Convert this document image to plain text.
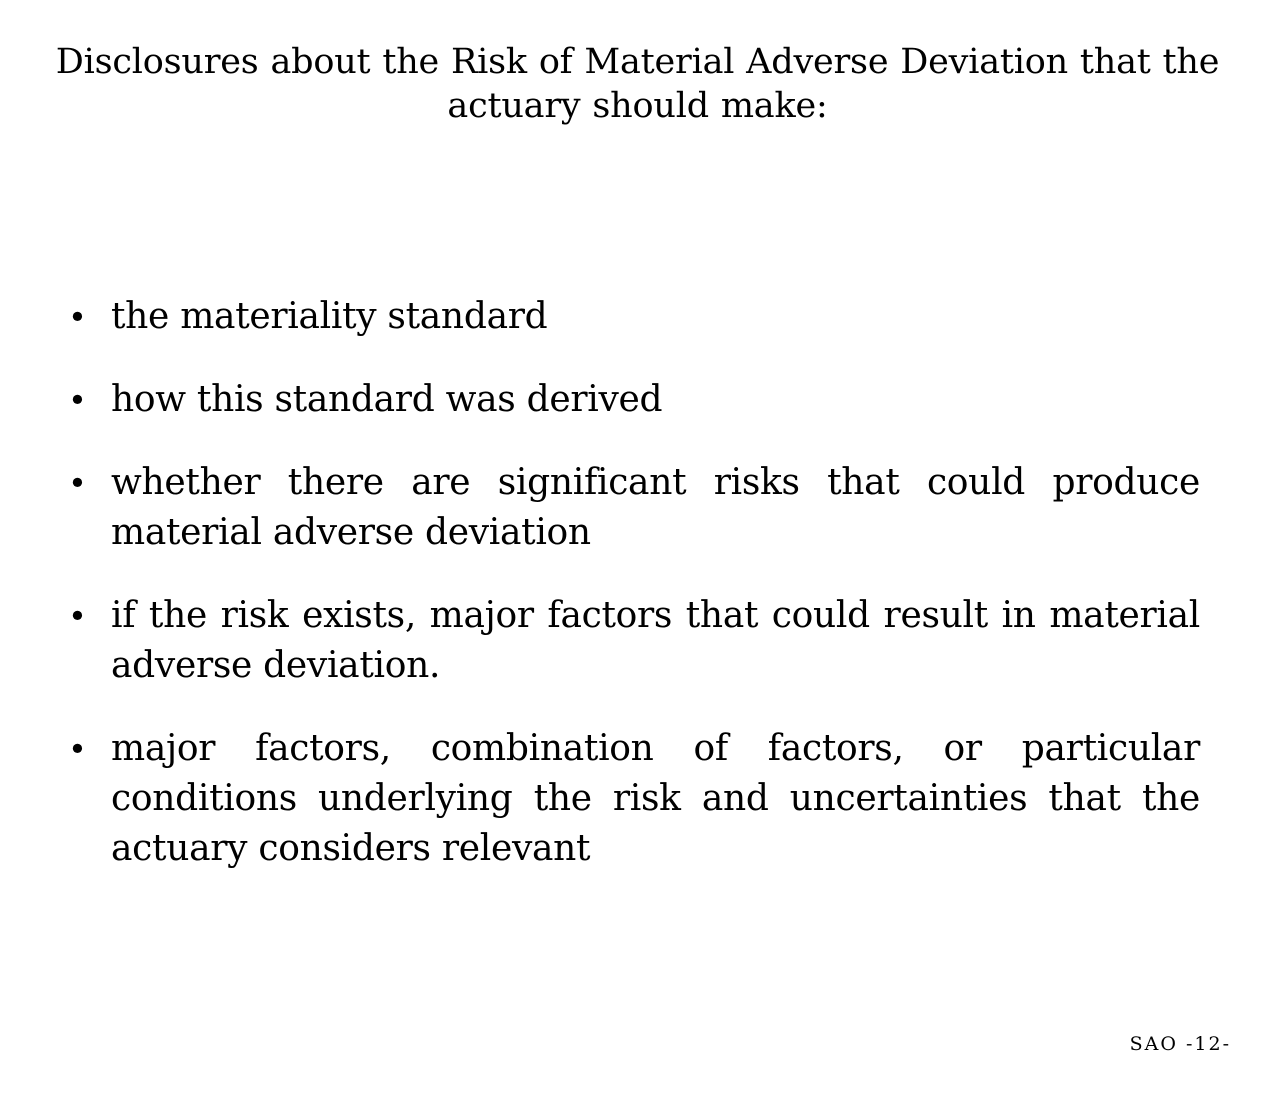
Disclosures about the Risk of Material Adverse Deviation that the actuary should make:
• the materiality standard
• how this standard was derived
• whether there are significant risks that could produce material adverse deviation
• if the risk exists, major factors that could result in material adverse deviation.
• major factors, combination of factors, or particular conditions underlying the risk and uncertainties that the actuary considers relevant
SAO -12-
